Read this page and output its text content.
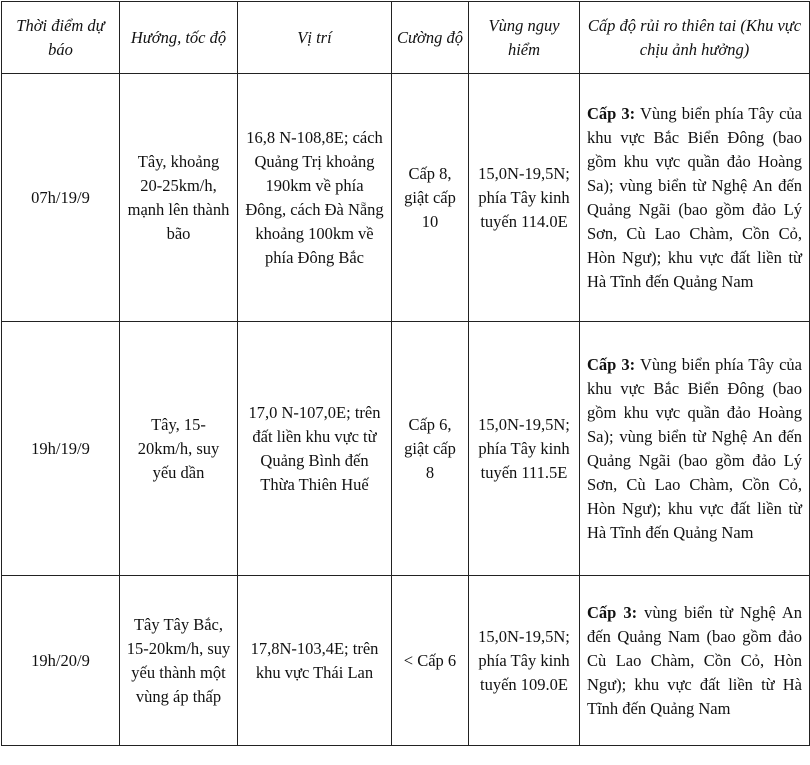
Thời điểm dự báo	Hướng, tốc độ	Vị trí	Cường độ	Vùng nguy hiểm	Cấp độ rủi ro thiên tai (Khu vực chịu ảnh hưởng)
07h/19/9	Tây, khoảng 20-25km/h, mạnh lên thành bão	16,8 N-108,8E; cách Quảng Trị khoảng 190km về phía Đông, cách Đà Nẵng khoảng 100km về phía Đông Bắc	Cấp 8, giật cấp 10	15,0N-19,5N; phía Tây kinh tuyến 114.0E	Cấp 3: Vùng biển phía Tây của khu vực Bắc Biển Đông (bao gồm khu vực quần đảo Hoàng Sa); vùng biển từ Nghệ An đến Quảng Ngãi (bao gồm đảo Lý Sơn, Cù Lao Chàm, Cồn Cỏ, Hòn Ngư); khu vực đất liền từ Hà Tĩnh đến Quảng Nam
19h/19/9	Tây, 15-20km/h, suy yếu dần	17,0 N-107,0E; trên đất liền khu vực từ Quảng Bình đến Thừa Thiên Huế	Cấp 6, giật cấp 8	15,0N-19,5N; phía Tây kinh tuyến 111.5E	Cấp 3: Vùng biển phía Tây của khu vực Bắc Biển Đông (bao gồm khu vực quần đảo Hoàng Sa); vùng biển từ Nghệ An đến Quảng Ngãi (bao gồm đảo Lý Sơn, Cù Lao Chàm, Cồn Cỏ, Hòn Ngư); khu vực đất liền từ Hà Tĩnh đến Quảng Nam
19h/20/9	Tây Tây Bắc, 15-20km/h, suy yếu thành một vùng áp thấp	17,8N-103,4E; trên khu vực Thái Lan	< Cấp 6	15,0N-19,5N; phía Tây kinh tuyến 109.0E	Cấp 3: vùng biển từ Nghệ An đến Quảng Nam (bao gồm đảo Cù Lao Chàm, Cồn Cỏ, Hòn Ngư); khu vực đất liền từ Hà Tĩnh đến Quảng Nam
